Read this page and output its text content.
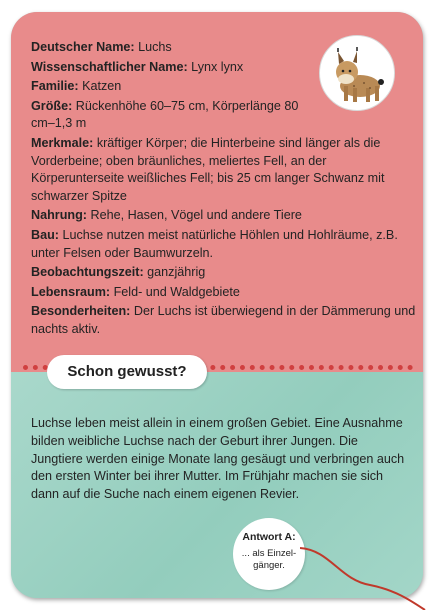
Deutscher Name: Luchs
Wissenschaftlicher Name: Lynx lynx
Familie: Katzen
Größe: Rückenhöhe 60–75 cm, Körperlänge 80 cm–1,3 m
Merkmale: kräftiger Körper; die Hinterbeine sind länger als die Vorderbeine; oben bräunliches, meliertes Fell, an der Körperunterseite weißliches Fell; bis 25 cm langer Schwanz mit schwarzer Spitze
Nahrung: Rehe, Hasen, Vögel und andere Tiere
Bau: Luchse nutzen meist natürliche Höhlen und Hohlräume, z.B. unter Felsen oder Baumwurzeln.
Beobachtungszeit: ganzjährig
Lebensraum: Feld- und Waldgebiete
Besonderheiten: Der Luchs ist überwiegend in der Dämmerung und nachts aktiv.
Schon gewusst?
Luchse leben meist allein in einem großen Gebiet. Eine Ausnahme bilden weibliche Luchse nach der Geburt ihrer Jungen. Die Jungtiere werden einige Monate lang gesäugt und verbringen auch den ersten Winter bei ihrer Mutter. Im Frühjahr machen sie sich dann auf die Suche nach einem eigenen Revier.
Antwort A:
... als Einzel-gänger.
